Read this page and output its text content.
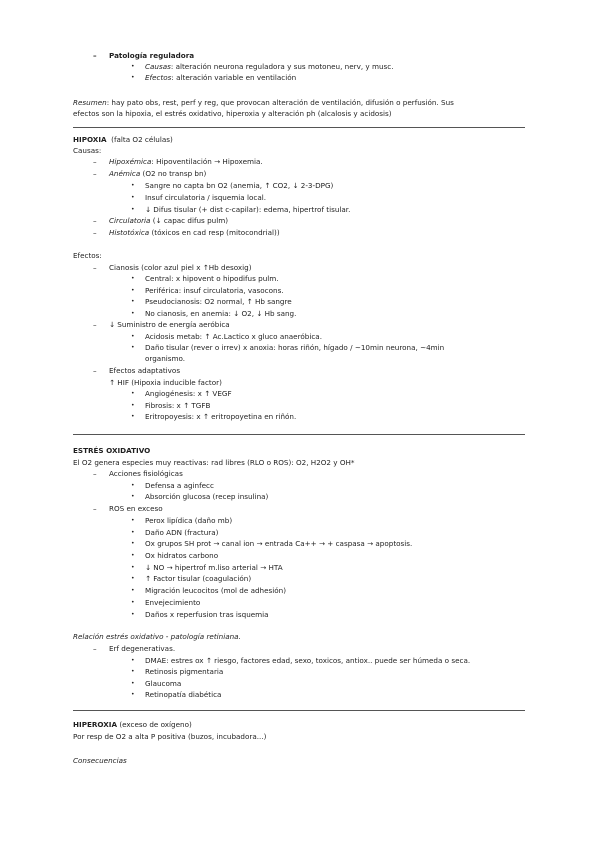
– Patología reguladora
• Causas: alteración neurona reguladora y sus motoneu, nerv, y musc.
• Efectos: alteración variable en ventilación
Resumen: hay pato obs, rest, perf y reg, que provocan alteración de ventilación, difusión o perfusión. Sus
efectos son la hipoxia, el estrés oxidativo, hiperoxia y alteración ph (alcalosis y acidosis)
HIPOXIA (falta O2 células)
Causas:
– Hipoxémica: Hipoventilación → Hipoxemia.
– Anémica (O2 no transp bn)
• Sangre no capta bn O2 (anemia, ↑ CO2, ↓ 2-3-DPG)
• Insuf circulatoria / isquemia local.
• ↓ Difus tisular (+ dist c-capilar): edema, hipertrof tisular.
– Circulatoria (↓ capac difus pulm)
– Histotóxica (tóxicos en cad resp (mitocondrial))
Efectos:
– Cianosis (color azul piel x ↑Hb desoxig)
• Central: x hipovent o hipodifus pulm.
• Periférica: insuf circulatoria, vasocons.
• Pseudocianosis: O2 normal, ↑ Hb sangre
• No cianosis, en anemia: ↓ O2, ↓ Hb sang.
– ↓ Suministro de energía aeróbica
• Acidosis metab: ↑ Ac.Lactico x gluco anaeróbica.
• Daño tisular (rever o irrev) x anoxia: horas riñón, hígado / ~10min neurona, ~4min
organismo.
– Efectos adaptativos
↑ HIF (Hipoxia inducible factor)
• Angiogénesis: x ↑ VEGF
• Fibrosis: x ↑ TGFB
• Eritropoyesis: x ↑ eritropoyetina en riñón.
ESTRÉS OXIDATIVO
El O2 genera especies muy reactivas: rad libres (RLO o ROS): O2, H2O2 y OH*
– Acciones fisiológicas
• Defensa a aginfecc
• Absorción glucosa (recep insulina)
– ROS en exceso
• Perox lipídica (daño mb)
• Daño ADN (fractura)
• Ox grupos SH prot → canal ion → entrada Ca++ → + caspasa → apoptosis.
• Ox hidratos carbono
• ↓ NO → hipertrof m.liso arterial → HTA
• ↑ Factor tisular (coagulación)
• Migración leucocitos (mol de adhesión)
• Envejecimiento
• Daños x reperfusion tras isquemia
Relación estrés oxidativo - patología retiniana.
– Erf degenerativas.
• DMAE: estres ox ↑ riesgo, factores edad, sexo, toxicos, antiox.. puede ser húmeda o seca.
• Retinosis pigmentaria
• Glaucoma
• Retinopatía diabética
HIPEROXIA (exceso de oxígeno)
Por resp de O2 a alta P positiva (buzos, incubadora...)
Consecuencias
